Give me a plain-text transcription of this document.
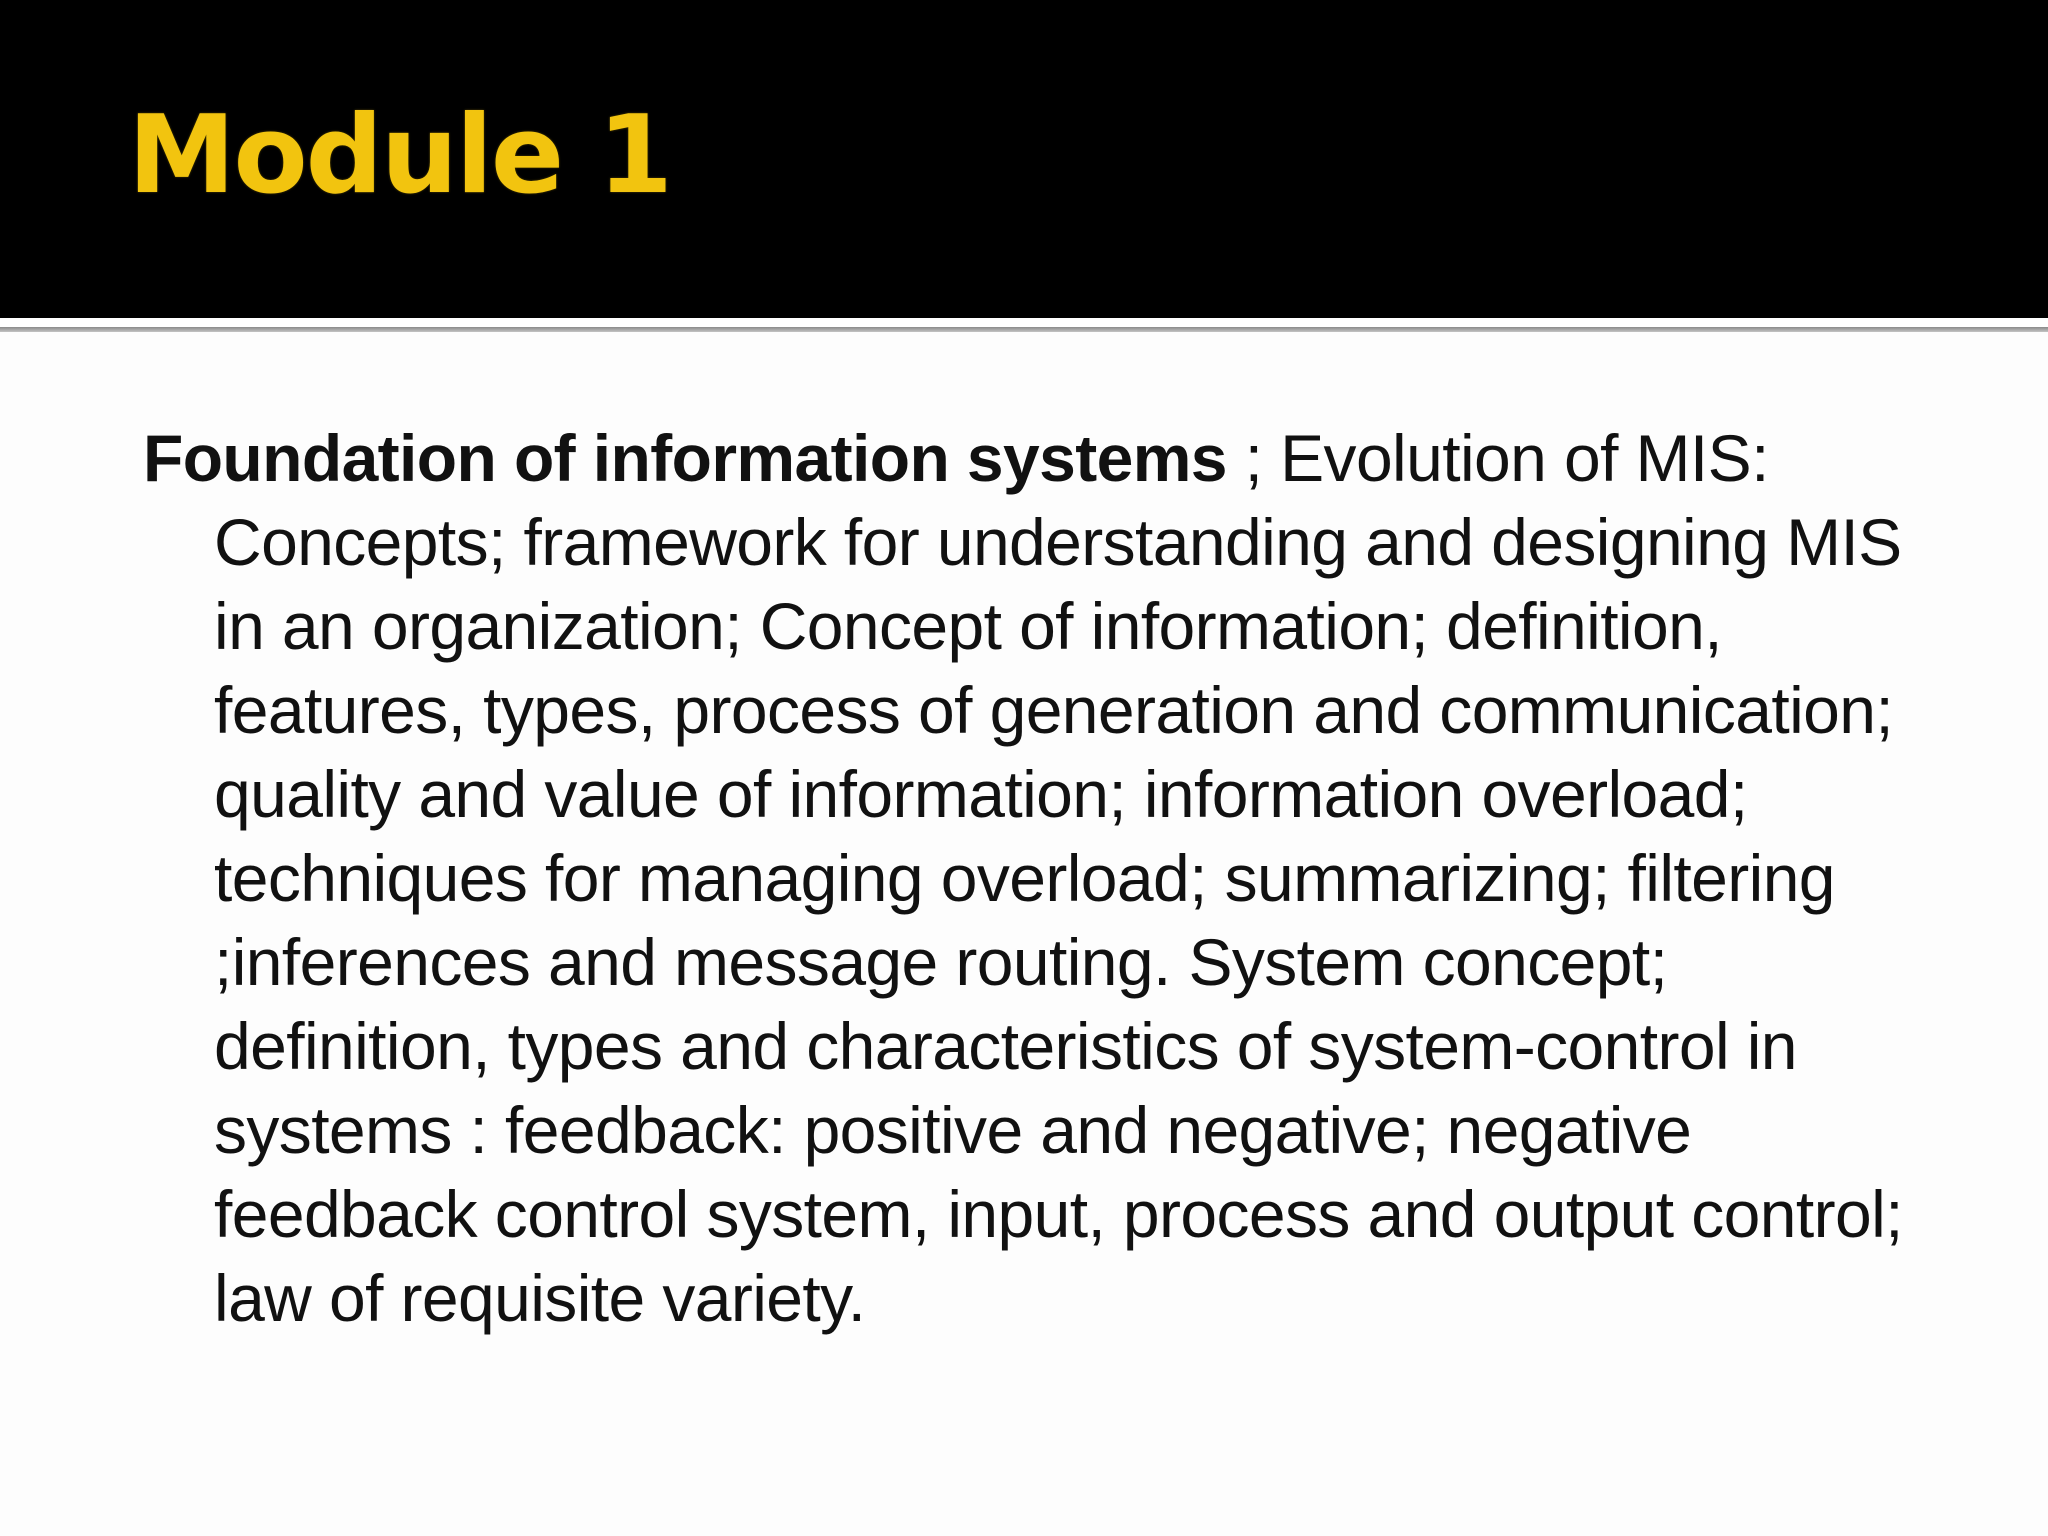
Module 1

Foundation of information systems ; Evolution of MIS: Concepts; framework for understanding and designing MIS in an organization; Concept of information; definition, features, types, process of generation and communication; quality and value of information; information overload; techniques for managing overload; summarizing; filtering ;inferences and message routing. System concept; definition, types and characteristics of system-control in systems : feedback: positive and negative; negative feedback control system, input, process and output control; law of requisite variety.
